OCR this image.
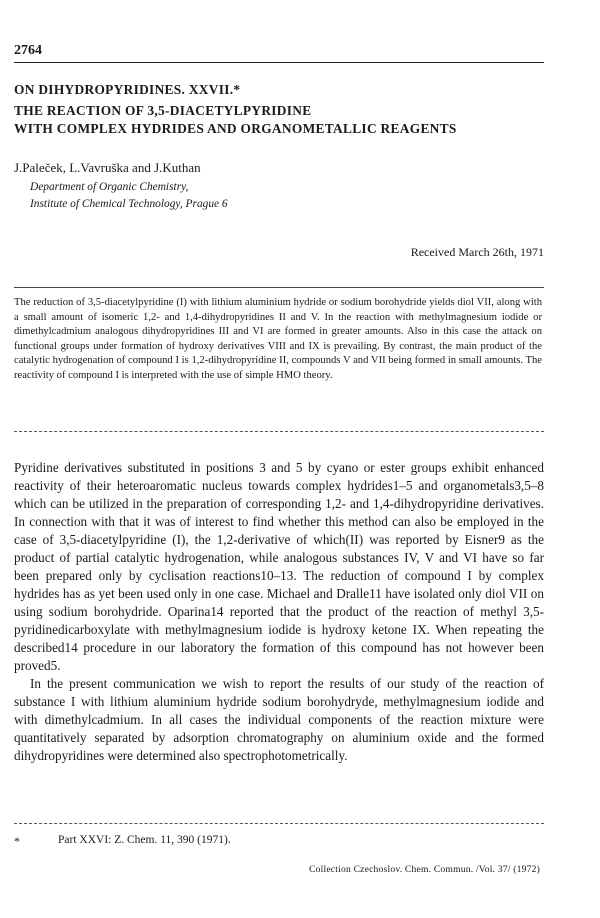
2764
ON DIHYDROPYRIDINES. XXVII.*
THE REACTION OF 3,5-DIACETYLPYRIDINE
WITH COMPLEX HYDRIDES AND ORGANOMETALLIC REAGENTS
J.Paleček, L.Vavruška and J.Kuthan
Department of Organic Chemistry,
Institute of Chemical Technology, Prague 6
Received March 26th, 1971
The reduction of 3,5-diacetylpyridine (I) with lithium aluminium hydride or sodium borohydride yields diol VII, along with a small amount of isomeric 1,2- and 1,4-dihydropyridines II and V. In the reaction with methylmagnesium iodide or dimethylcadmium analogous dihydropyridines III and VI are formed in greater amounts. Also in this case the attack on functional groups under formation of hydroxy derivatives VIII and IX is prevailing. By contrast, the main product of the catalytic hydrogenation of compound I is 1,2-dihydropyridine II, compounds V and VII being formed in small amounts. The reactivity of compound I is interpreted with the use of simple HMO theory.

Pyridine derivatives substituted in positions 3 and 5 by cyano or ester groups exhibit enhanced reactivity of their heteroaromatic nucleus towards complex hydrides1–5 and organometals3,5–8 which can be utilized in the preparation of corresponding 1,2- and 1,4-dihydropyridine derivatives. In connection with that it was of interest to find whether this method can also be employed in the case of 3,5-diacetylpyridine (I), the 1,2-derivative of which(II) was reported by Eisner9 as the product of partial catalytic hydrogenation, while analogous substances IV, V and VI have so far been prepared only by cyclisation reactions10–13. The reduction of compound I by complex hydrides has as yet been used only in one case. Michael and Dralle11 have isolated only diol VII on using sodium borohydride. Oparina14 reported that the product of the reaction of methyl 3,5-pyridinedicarboxylate with methylmagnesium iodide is hydroxy ketone IX. When repeating the described14 procedure in our laboratory the formation of this compound has not however been proved5.

In the present communication we wish to report the results of our study of the reaction of substance I with lithium aluminium hydride sodium borohydryde, methylmagnesium iodide and with dimethylcadmium. In all cases the individual components of the reaction mixture were quantitatively separated by adsorption chromatography on aluminium oxide and the formed dihydropyridines were determined also spectrophotometrically.

*	Part XXVI: Z. Chem. 11, 390 (1971).
Collection Czechoslov. Chem. Commun. /Vol. 37/ (1972)
